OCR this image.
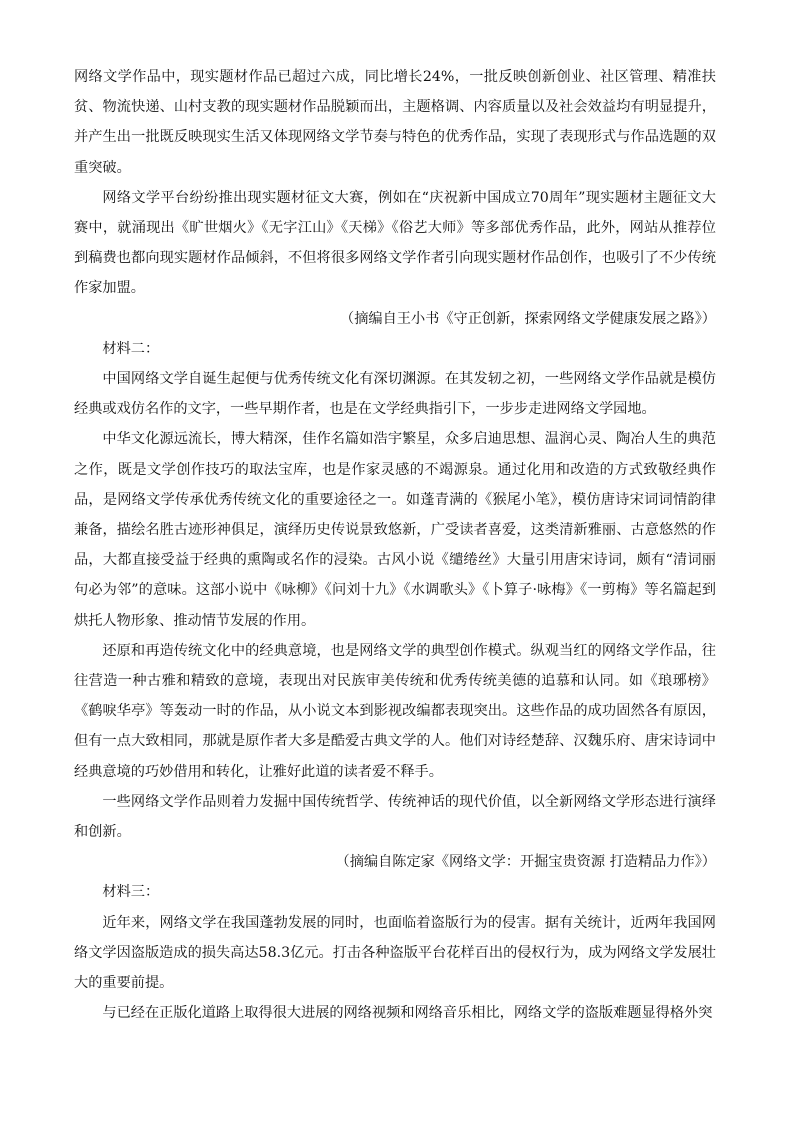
网络文学作品中，现实题材作品已超过六成，同比增长24%，一批反映创新创业、社区管理、精准扶贫、物流快递、山村支教的现实题材作品脱颖而出，主题格调、内容质量以及社会效益均有明显提升，并产生出一批既反映现实生活又体现网络文学节奏与特色的优秀作品，实现了表现形式与作品选题的双重突破。

网络文学平台纷纷推出现实题材征文大赛，例如在“庆祝新中国成立70周年”现实题材主题征文大赛中，就涌现出《旷世烟火》《无字江山》《天梯》《俗艺大师》等多部优秀作品，此外，网站从推荐位到稿费也都向现实题材作品倾斜，不但将很多网络文学作者引向现实题材作品创作，也吸引了不少传统作家加盟。

（摘编自王小书《守正创新，探索网络文学健康发展之路》）

材料二：

中国网络文学自诞生起便与优秀传统文化有深切渊源。在其发轫之初，一些网络文学作品就是模仿经典或戏仿名作的文字，一些早期作者，也是在文学经典指引下，一步步走进网络文学园地。

中华文化源远流长，博大精深，佳作名篇如浩宇繁星，众多启迪思想、温润心灵、陶冶人生的典范之作，既是文学创作技巧的取法宝库，也是作家灵感的不竭源泉。通过化用和改造的方式致敬经典作品，是网络文学传承优秀传统文化的重要途径之一。如蓬青满的《猴尾小笔》，模仿唐诗宋词词情韵律兼备，描绘名胜古迹形神俱足，演绎历史传说景致悠新，广受读者喜爱，这类清新雅丽、古意悠然的作品，大都直接受益于经典的熏陶或名作的浸染。古风小说《缱绻丝》大量引用唐宋诗词，颇有“清词丽句必为邻”的意味。这部小说中《咏柳》《问刘十九》《水调歌头》《卜算子·咏梅》《一剪梅》等名篇起到烘托人物形象、推动情节发展的作用。

还原和再造传统文化中的经典意境，也是网络文学的典型创作模式。纵观当红的网络文学作品，往往营造一种古雅和精致的意境，表现出对民族审美传统和优秀传统美德的追慕和认同。如《琅琊榜》《鹤唳华亭》等轰动一时的作品，从小说文本到影视改编都表现突出。这些作品的成功固然各有原因，但有一点大致相同，那就是原作者大多是酷爱古典文学的人。他们对诗经楚辞、汉魏乐府、唐宋诗词中经典意境的巧妙借用和转化，让雅好此道的读者爱不释手。

一些网络文学作品则着力发掘中国传统哲学、传统神话的现代价值，以全新网络文学形态进行演绎和创新。

（摘编自陈定家《网络文学：开掘宝贵资源 打造精品力作》）

材料三：

近年来，网络文学在我国蓬勃发展的同时，也面临着盗版行为的侵害。据有关统计，近两年我国网络文学因盗版造成的损失高达58.3亿元。打击各种盗版平台花样百出的侵权行为，成为网络文学发展壮大的重要前提。

与已经在正版化道路上取得很大进展的网络视频和网络音乐相比，网络文学的盗版难题显得格外突
